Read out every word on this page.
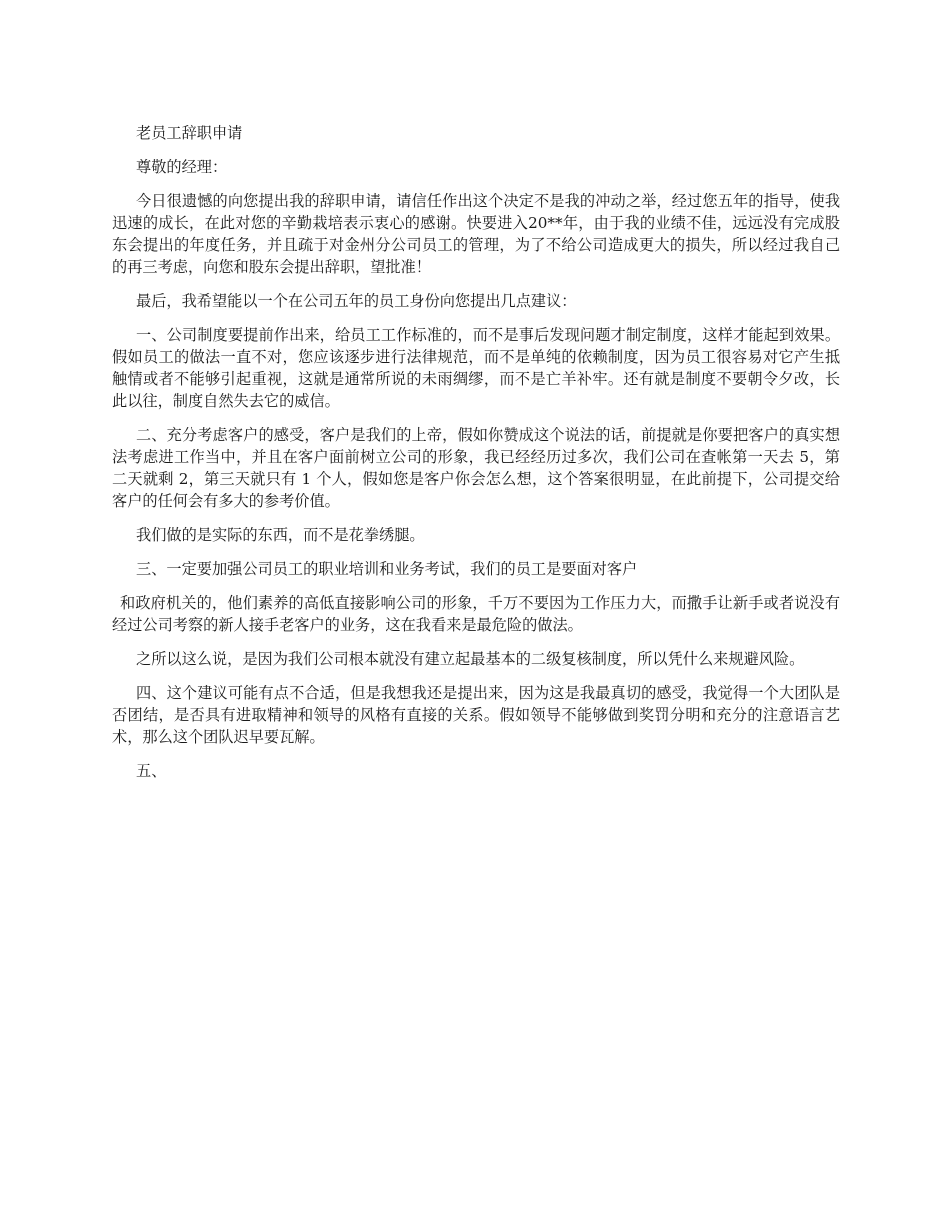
老员工辞职申请

尊敬的经理：

今日很遗憾的向您提出我的辞职申请，请信任作出这个决定不是我的冲动之举，经过您五年的指导，使我迅速的成长，在此对您的辛勤栽培表示衷心的感谢。快要进入20**年，由于我的业绩不佳，远远没有完成股东会提出的年度任务，并且疏于对金州分公司员工的管理，为了不给公司造成更大的损失，所以经过我自己的再三考虑，向您和股东会提出辞职，望批准！

最后，我希望能以一个在公司五年的员工身份向您提出几点建议：

一、公司制度要提前作出来，给员工工作标准的，而不是事后发现问题才制定制度，这样才能起到效果。假如员工的做法一直不对，您应该逐步进行法律规范，而不是单纯的依赖制度，因为员工很容易对它产生抵触情或者不能够引起重视，这就是通常所说的未雨绸缪，而不是亡羊补牢。还有就是制度不要朝令夕改，长此以往，制度自然失去它的威信。

二、充分考虑客户的感受，客户是我们的上帝，假如你赞成这个说法的话，前提就是你要把客户的真实想法考虑进工作当中，并且在客户面前树立公司的形象，我已经经历过多次，我们公司在查帐第一天去 5，第二天就剩 2，第三天就只有 1 个人，假如您是客户你会怎么想，这个答案很明显，在此前提下，公司提交给客户的任何会有多大的参考价值。

我们做的是实际的东西，而不是花拳绣腿。

三、一定要加强公司员工的职业培训和业务考试，我们的员工是要面对客户

和政府机关的，他们素养的高低直接影响公司的形象，千万不要因为工作压力大，而撒手让新手或者说没有经过公司考察的新人接手老客户的业务，这在我看来是最危险的做法。

之所以这么说，是因为我们公司根本就没有建立起最基本的二级复核制度，所以凭什么来规避风险。

四、这个建议可能有点不合适，但是我想我还是提出来，因为这是我最真切的感受，我觉得一个大团队是否团结，是否具有进取精神和领导的风格有直接的关系。假如领导不能够做到奖罚分明和充分的注意语言艺术，那么这个团队迟早要瓦解。

五、
